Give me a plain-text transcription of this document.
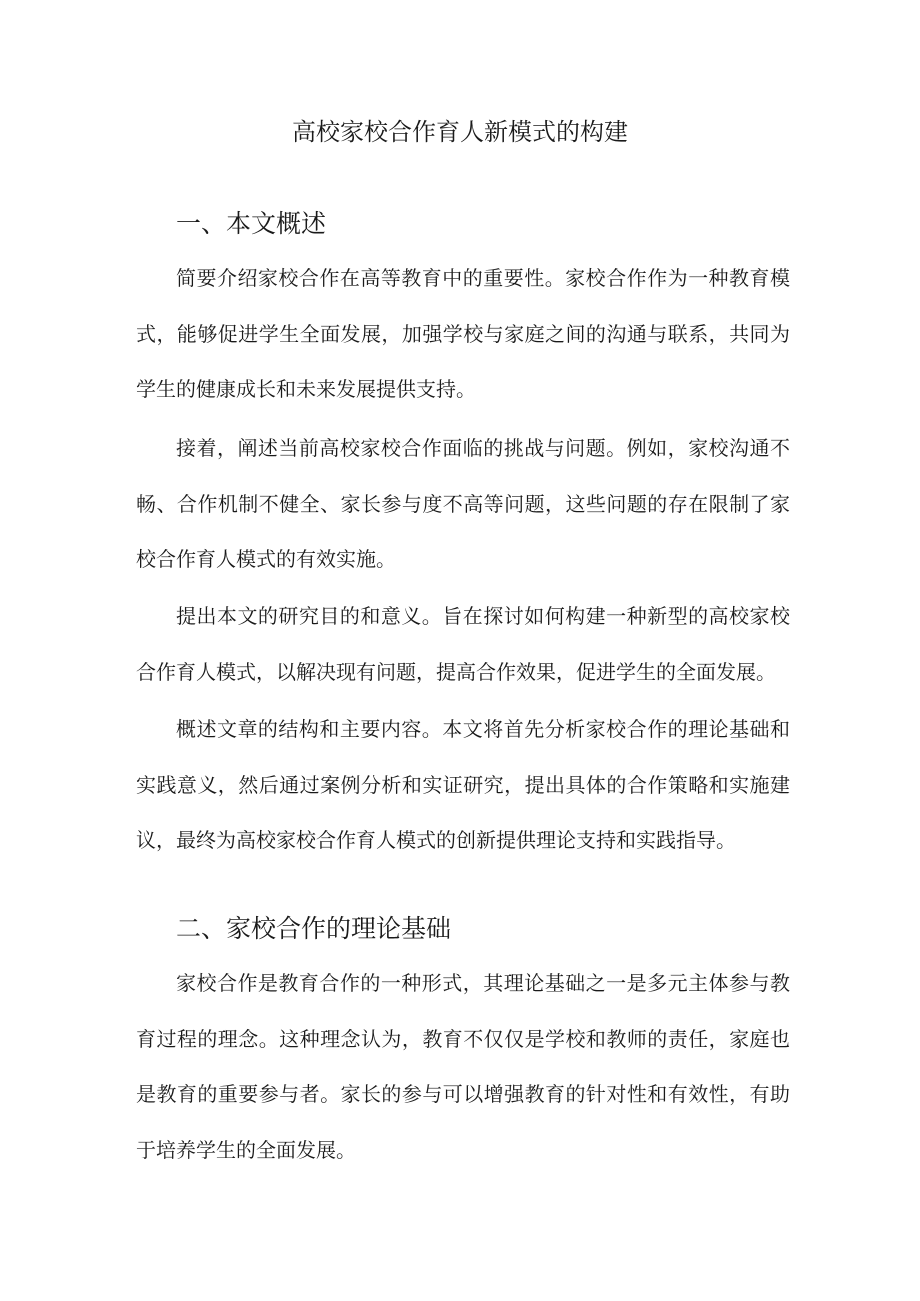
高校家校合作育人新模式的构建
一、本文概述

简要介绍家校合作在高等教育中的重要性。家校合作作为一种教育模式，能够促进学生全面发展，加强学校与家庭之间的沟通与联系，共同为学生的健康成长和未来发展提供支持。

接着，阐述当前高校家校合作面临的挑战与问题。例如，家校沟通不畅、合作机制不健全、家长参与度不高等问题，这些问题的存在限制了家校合作育人模式的有效实施。

提出本文的研究目的和意义。旨在探讨如何构建一种新型的高校家校合作育人模式，以解决现有问题，提高合作效果，促进学生的全面发展。

概述文章的结构和主要内容。本文将首先分析家校合作的理论基础和实践意义，然后通过案例分析和实证研究，提出具体的合作策略和实施建议，最终为高校家校合作育人模式的创新提供理论支持和实践指导。

二、家校合作的理论基础

家校合作是教育合作的一种形式，其理论基础之一是多元主体参与教育过程的理念。这种理念认为，教育不仅仅是学校和教师的责任，家庭也是教育的重要参与者。家长的参与可以增强教育的针对性和有效性，有助于培养学生的全面发展。
